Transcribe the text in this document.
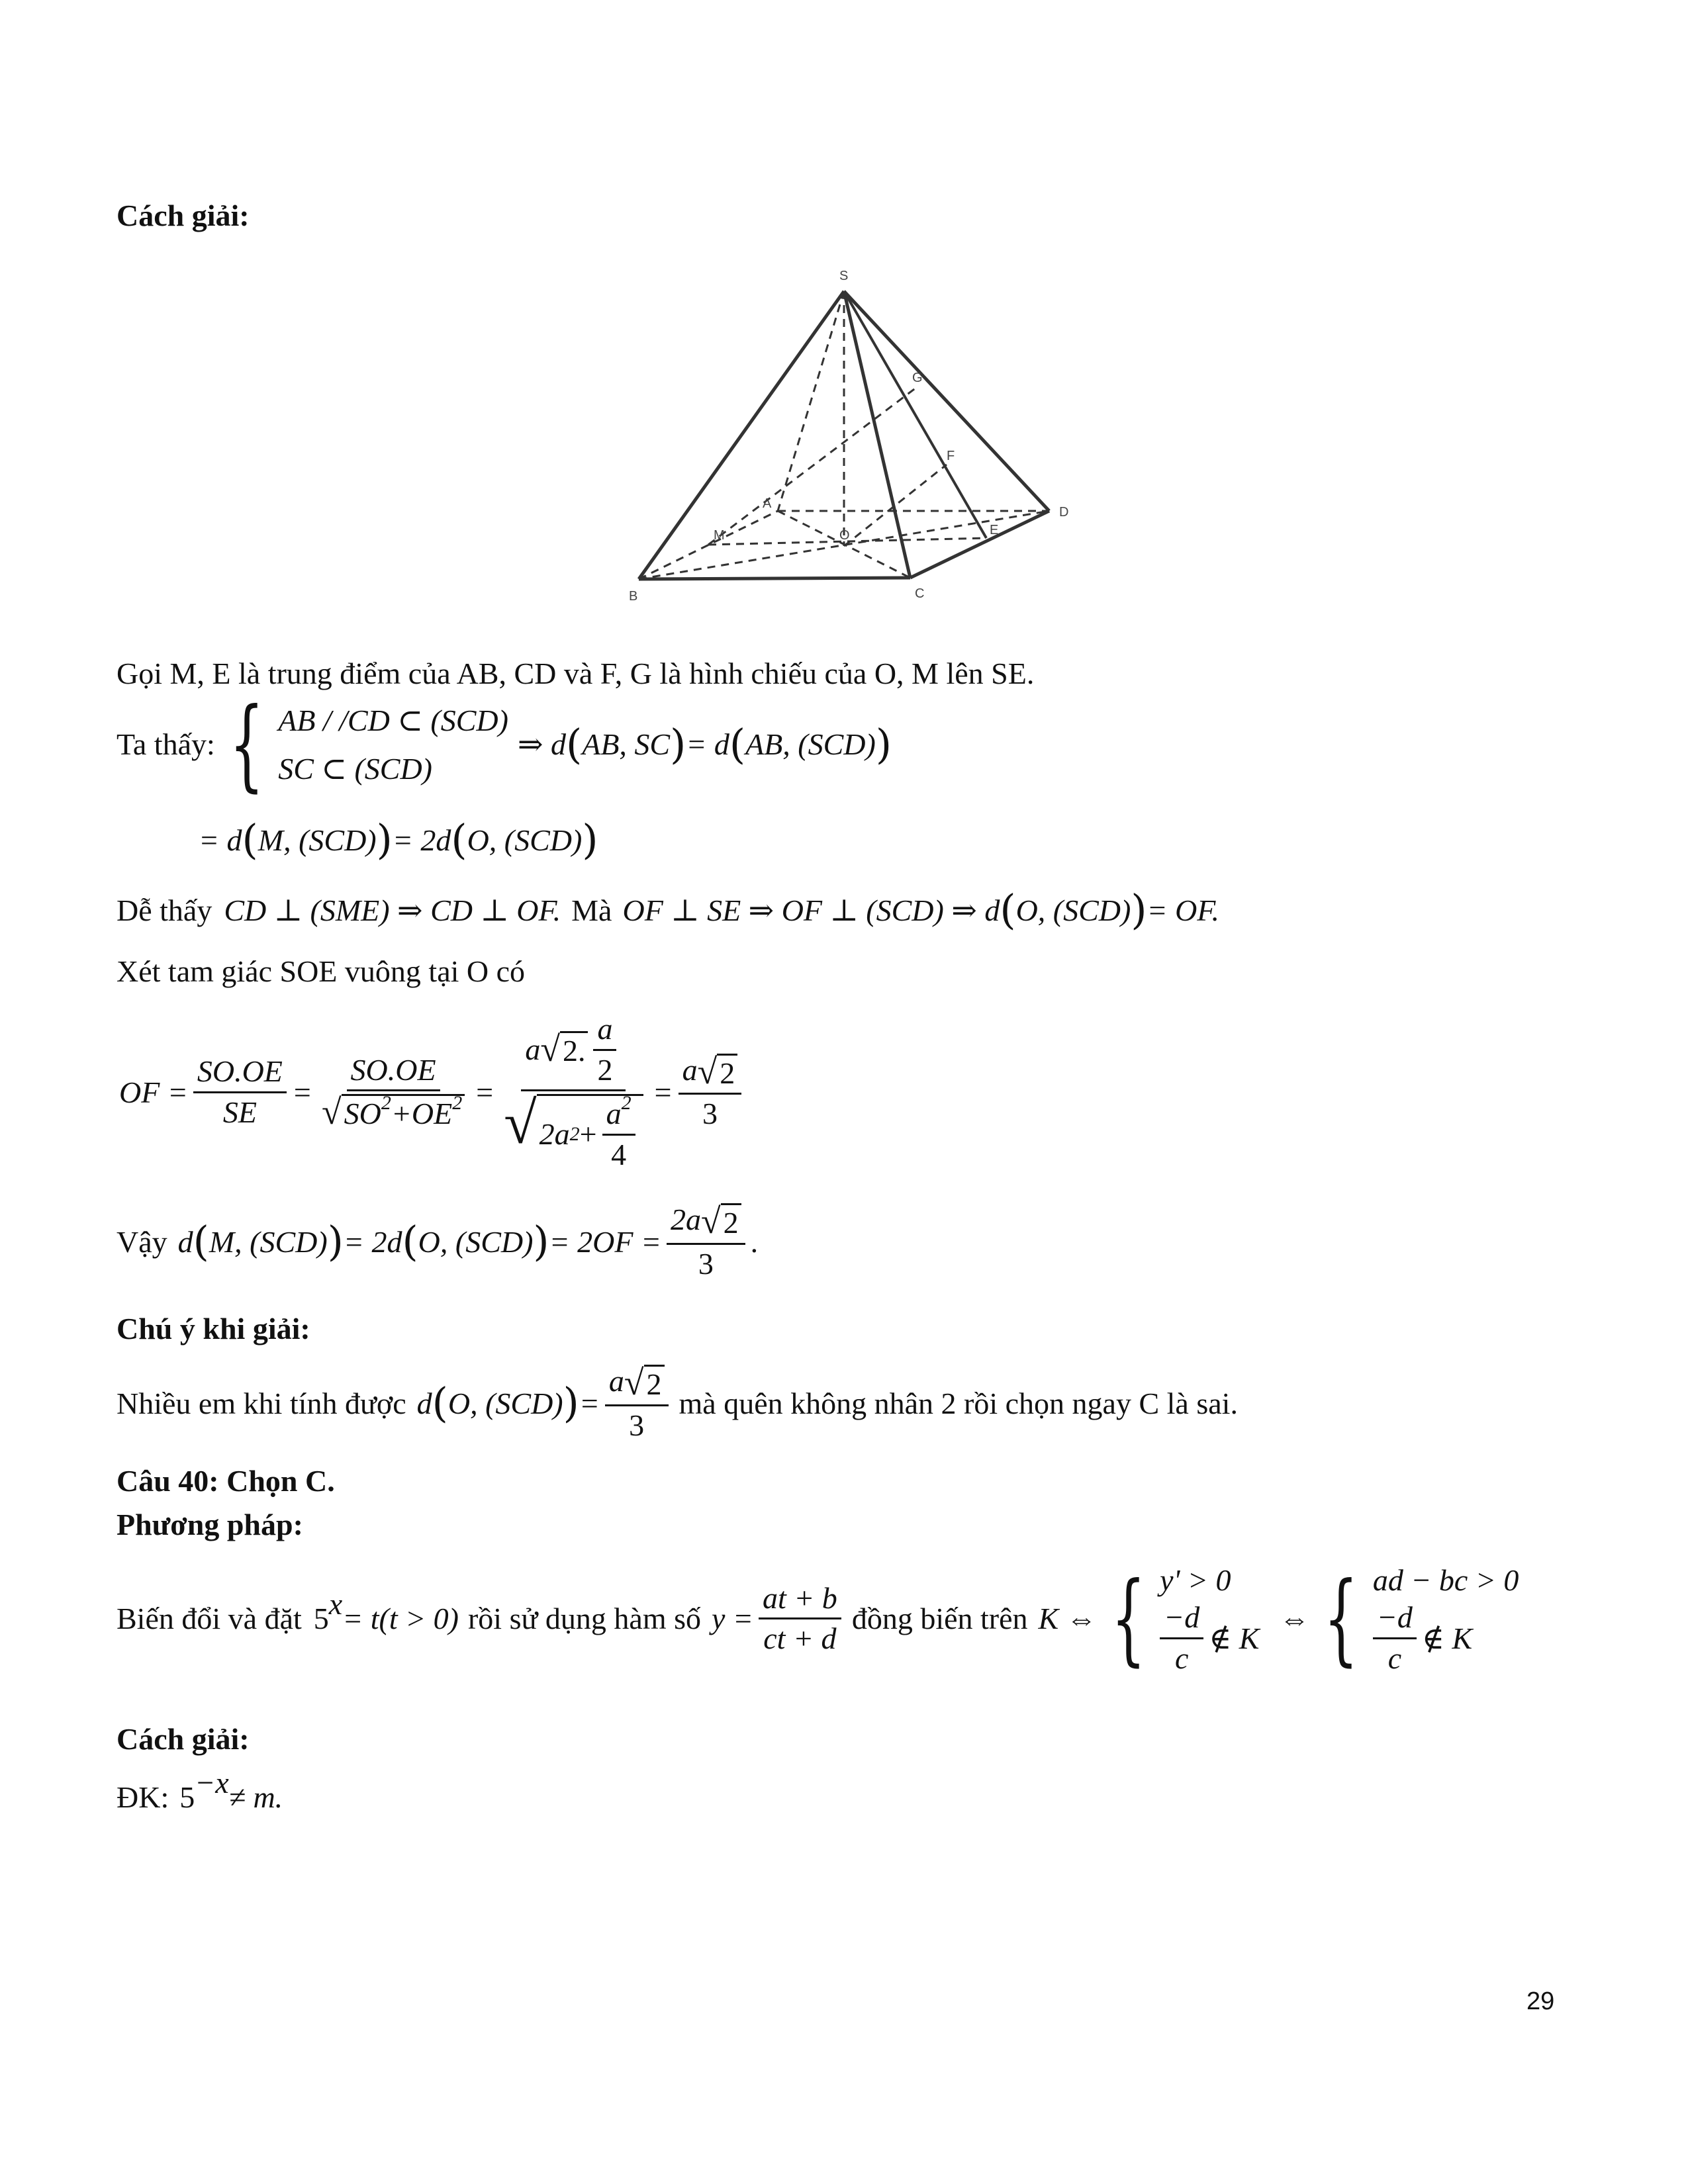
Cách giải:
S
G
F
A
M
D
O	E
B	C
Gọi M, E là trung điểm của AB, CD và F, G là hình chiếu của O, M lên SE.
Ta thấy: { AB / /CD ⊂ (SCD)
SC ⊂ (SCD)
⇒ d ( AB, SC ) = d ( AB, (SCD) )
= d ( M, (SCD) ) = 2d ( O, (SCD) )
Dễ thấy CD ⊥ (SME) ⇒ CD ⊥ OF. Mà OF ⊥ SE ⇒ OF ⊥ (SCD) ⇒ d ( O, (SCD) ) = OF.
Xét tam giác SOE vuông tại O có
OF = $\frac{SO.OE}{SE} = \frac{SO.OE}{√ SO^2+OE^2}$ =
a √ 2. $\frac{a}{2}$
√ 2a $2 + \frac{a^2}{4}$
= $\frac{a √ 2}{3}$
Vậy d ( M, (SCD) ) = 2d ( O, (SCD) ) = $2OF = \frac{2a √ 2}{3}$ .
Chú ý khi giải:
Nhiều em khi tính được d ( O, (SCD) ) = $\frac{a √ 2}{3}$ mà quên không nhân 2 rồi chọn ngay C là sai.
Câu 40: Chọn C.
Phương pháp:
Biến đổi và đặt $5^x = t(t > 0)$ rồi sử dụng hàm số $y = \frac{at + b}{ct + d}$ đồng biến trên K ⇔ { y' > 0
$\frac{-d}{c}$ ∉ K
⇔ { ad − bc > 0
$\frac{-d}{c}$ ∉ K
Cách giải:
ĐK: $5^{-x} \ne m$.
29
